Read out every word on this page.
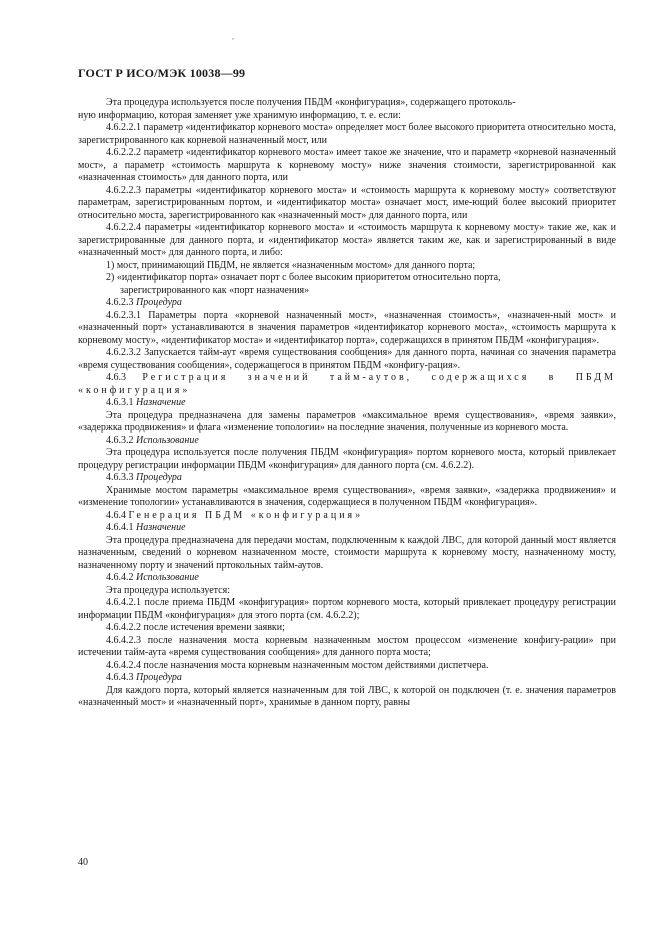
,
ГОСТ Р ИСО/МЭК 10038—99

Эта процедура используется после получения ПБДМ «конфигурация», содержащего протоколь-

ную информацию, которая заменяет уже хранимую информацию, т. е. если:

4.6.2.2.1 параметр «идентификатор корневого моста» определяет мост более высокого приоритета относительно моста, зарегистрированного как корневой назначенный мост, или

4.6.2.2.2 параметр «идентификатор корневого моста» имеет такое же значение, что и параметр «корневой назначенный мост», а параметр «стоимость маршрута к корневому мосту» ниже значения стоимости, зарегистрированной как «назначенная стоимость» для данного порта, или

4.6.2.2.3 параметры «идентификатор корневого моста» и «стоимость маршрута к корневому мосту» соответствуют параметрам, зарегистрированным портом, и «идентификатор моста» означает мост, име-ющий более высокий приоритет относительно моста, зарегистрированного как «назначенный мост» для данного порта, или

4.6.2.2.4 параметры «идентификатор корневого моста» и «стоимость маршрута к корневому мосту» такие же, как и зарегистрированные для данного порта, и «идентификатор моста» является таким же, как и зарегистрированный в виде «назначенный мост» для данного порта, и либо:

1) мост, принимающий ПБДМ, не является «назначенным мостом» для данного порта;
2) «идентификатор порта» означает порт с более высоким приоритетом относительно порта,
зарегистрированного как «порт назначения»

4.6.2.3 Процедура

4.6.2.3.1 Параметры порта «корневой назначенный мост», «назначенная стоимость», «назначен-ный мост» и «назначенный порт» устанавливаются в значения параметров «идентификатор корневого моста», «стоимость маршрута к корневому мосту», «идентификатор моста» и «идентификатор порта», содержащихся в принятом ПБДМ «конфигурация».

4.6.2.3.2 Запускается тайм-аут «время существования сообщения» для данного порта, начиная со значения параметра «время существования сообщения», содержащегося в принятом ПБДМ «конфигу-рация».

4.6.3 Регистрация значений тайм-аутов, содержащихся в ПБДМ «конфигурация»

4.6.3.1 Назначение

Эта процедура предназначена для замены параметров «максимальное время существования», «время заявки», «задержка продвижения» и флага «изменение топологии» на последние значения, полученные из корневого моста.

4.6.3.2 Использование

Эта процедура используется после получения ПБДМ «конфигурация» портом корневого моста, который привлекает процедуру регистрации информации ПБДМ «конфигурация» для данного порта (см. 4.6.2.2).

4.6.3.3 Процедура

Хранимые мостом параметры «максимальное время существования», «время заявки», «задержка продвижения» и «изменение топологии» устанавливаются в значения, содержащиеся в полученном ПБДМ «конфигурация».

4.6.4 Генерация ПБДМ «конфигурация»

4.6.4.1 Назначение

Эта процедура предназначена для передачи мостам, подключенным к каждой ЛВС, для которой данный мост является назначенным, сведений о корневом назначенном мосте, стоимости маршрута к корневому мосту, назначенному мосту, назначенному порту и значений пртокольных тайм-аутов.

4.6.4.2 Использование

Эта процедура используется:

4.6.4.2.1 после приема ПБДМ «конфигурация» портом корневого моста, который привлекает процедуру регистрации информации ПБДМ «конфигурация» для этого порта (см. 4.6.2.2);

4.6.4.2.2 после истечения времени заявки;

4.6.4.2.3 после назначения моста корневым назначенным мостом процессом «изменение конфигу-рации» при истечении тайм-аута «время существования сообщения» для данного порта моста;

4.6.4.2.4 после назначения моста корневым назначенным мостом действиями диспетчера.

4.6.4.3 Процедура

Для каждого порта, который является назначенным для той ЛВС, к которой он подключен (т. е. значения параметров «назначенный мост» и «назначенный порт», хранимые в данном порту, равны

40
